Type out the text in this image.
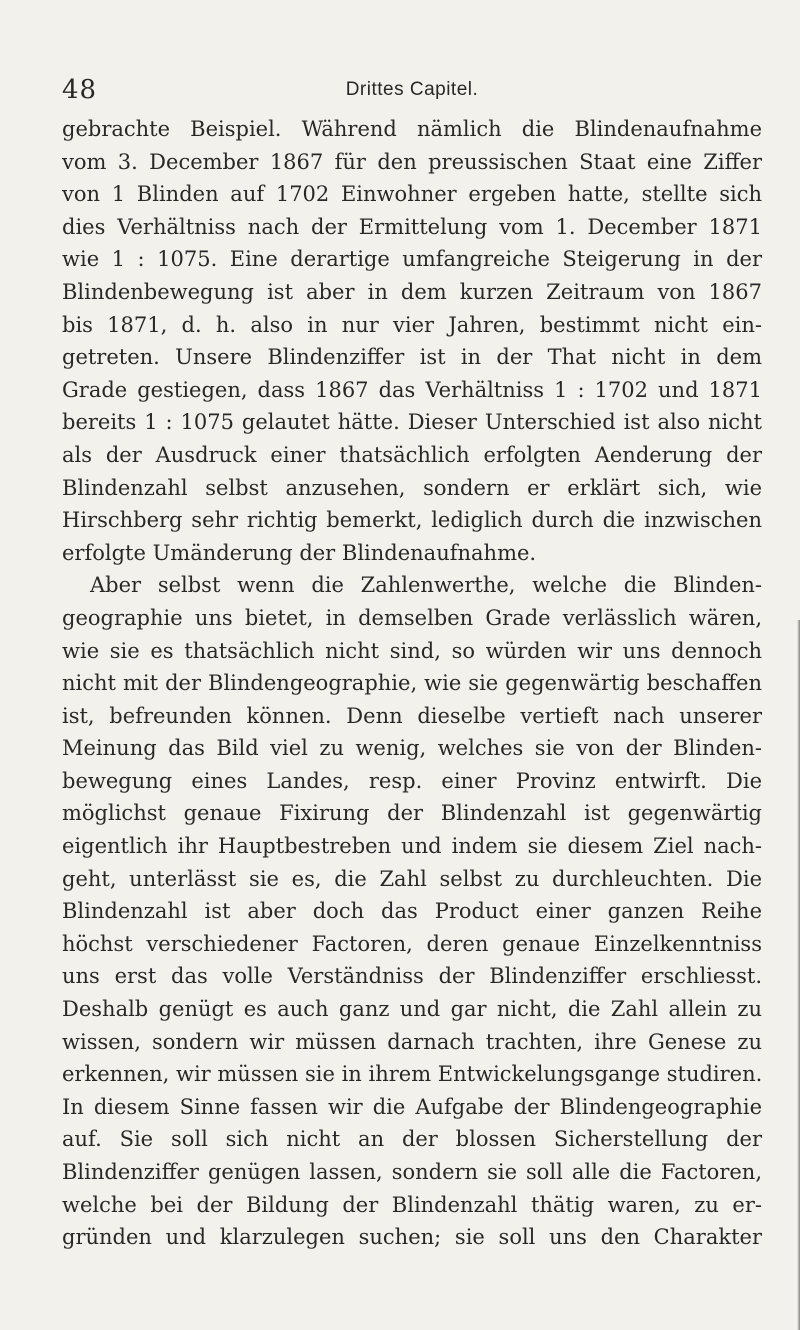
48	Drittes Capitel.
gebrachte Beispiel. Während nämlich die Blindenaufnahme
vom 3. December 1867 für den preussischen Staat eine Ziffer
von 1 Blinden auf 1702 Einwohner ergeben hatte, stellte sich
dies Verhältniss nach der Ermittelung vom 1. December 1871
wie 1 : 1075. Eine derartige umfangreiche Steigerung in der
Blindenbewegung ist aber in dem kurzen Zeitraum von 1867
bis 1871, d. h. also in nur vier Jahren, bestimmt nicht ein-
getreten. Unsere Blindenziffer ist in der That nicht in dem
Grade gestiegen, dass 1867 das Verhältniss 1 : 1702 und 1871
bereits 1 : 1075 gelautet hätte. Dieser Unterschied ist also nicht
als der Ausdruck einer thatsächlich erfolgten Aenderung der
Blindenzahl selbst anzusehen, sondern er erklärt sich, wie
Hirschberg sehr richtig bemerkt, lediglich durch die inzwischen
erfolgte Umänderung der Blindenaufnahme.
Aber selbst wenn die Zahlenwerthe, welche die Blinden-
geographie uns bietet, in demselben Grade verlässlich wären,
wie sie es thatsächlich nicht sind, so würden wir uns dennoch
nicht mit der Blindengeographie, wie sie gegenwärtig beschaffen
ist, befreunden können. Denn dieselbe vertieft nach unserer
Meinung das Bild viel zu wenig, welches sie von der Blinden-
bewegung eines Landes, resp. einer Provinz entwirft. Die
möglichst genaue Fixirung der Blindenzahl ist gegenwärtig
eigentlich ihr Hauptbestreben und indem sie diesem Ziel nach-
geht, unterlässt sie es, die Zahl selbst zu durchleuchten. Die
Blindenzahl ist aber doch das Product einer ganzen Reihe
höchst verschiedener Factoren, deren genaue Einzelkenntniss
uns erst das volle Verständniss der Blindenziffer erschliesst.
Deshalb genügt es auch ganz und gar nicht, die Zahl allein zu
wissen, sondern wir müssen darnach trachten, ihre Genese zu
erkennen, wir müssen sie in ihrem Entwickelungsgange studiren.
In diesem Sinne fassen wir die Aufgabe der Blindengeographie
auf. Sie soll sich nicht an der blossen Sicherstellung der
Blindenziffer genügen lassen, sondern sie soll alle die Factoren,
welche bei der Bildung der Blindenzahl thätig waren, zu er-
gründen und klarzulegen suchen; sie soll uns den Charakter
